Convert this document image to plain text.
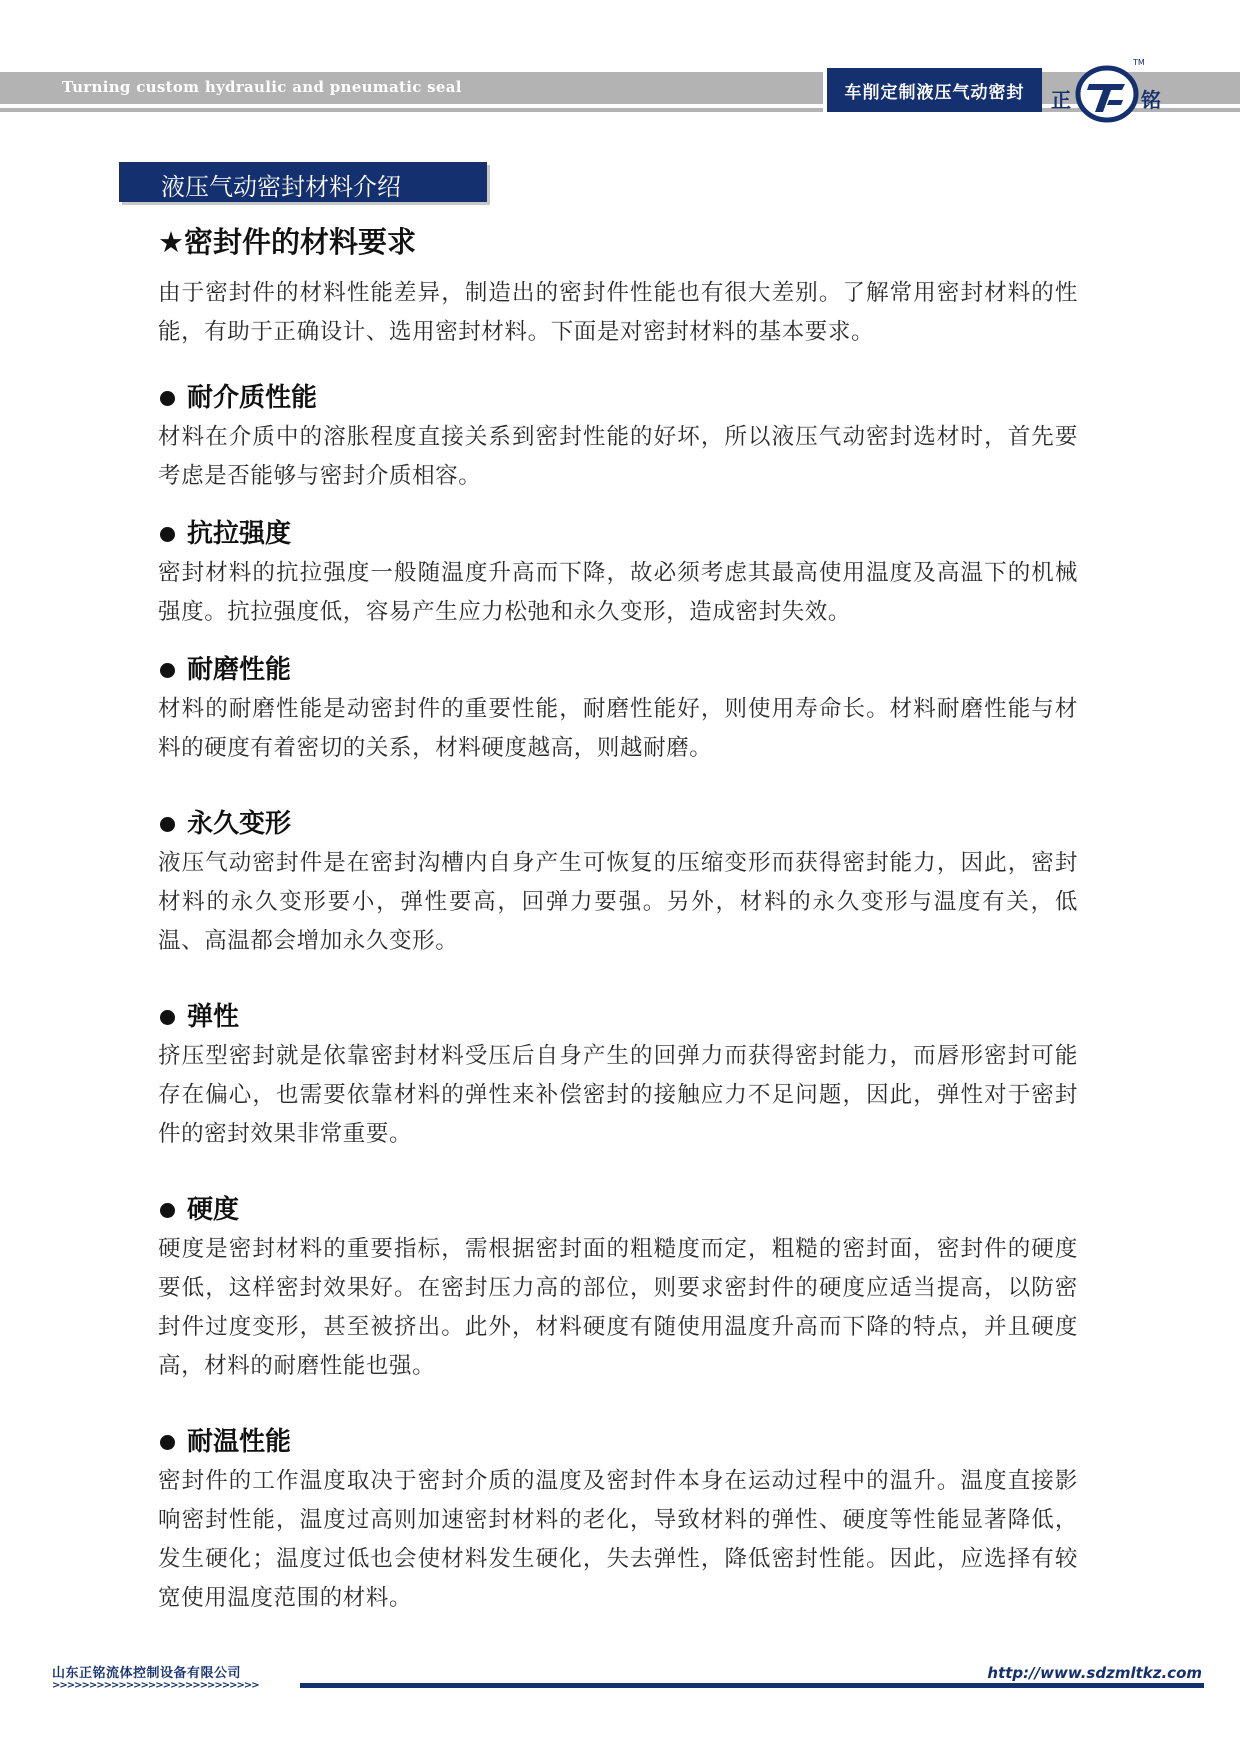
Turning custom hydraulic and pneumatic seal	车削定制液压气动密封	正
TM
铭
液压气动密封材料介绍
★密封件的材料要求

由于密封件的材料性能差异，制造出的密封件性能也有很大差别。了解常用密封材料的性能，有助于正确设计、选用密封材料。下面是对密封材料的基本要求。

耐介质性能

材料在介质中的溶胀程度直接关系到密封性能的好坏，所以液压气动密封选材时，首先要考虑是否能够与密封介质相容。

抗拉强度

密封材料的抗拉强度一般随温度升高而下降，故必须考虑其最高使用温度及高温下的机械强度。抗拉强度低，容易产生应力松弛和永久变形，造成密封失效。

耐磨性能

材料的耐磨性能是动密封件的重要性能，耐磨性能好，则使用寿命长。材料耐磨性能与材料的硬度有着密切的关系，材料硬度越高，则越耐磨。

永久变形

液压气动密封件是在密封沟槽内自身产生可恢复的压缩变形而获得密封能力，因此，密封材料的永久变形要小，弹性要高，回弹力要强。另外，材料的永久变形与温度有关，低温、高温都会增加永久变形。

弹性

挤压型密封就是依靠密封材料受压后自身产生的回弹力而获得密封能力，而唇形密封可能存在偏心，也需要依靠材料的弹性来补偿密封的接触应力不足问题，因此，弹性对于密封件的密封效果非常重要。

硬度

硬度是密封材料的重要指标，需根据密封面的粗糙度而定，粗糙的密封面，密封件的硬度要低，这样密封效果好。在密封压力高的部位，则要求密封件的硬度应适当提高，以防密封件过度变形，甚至被挤出。此外，材料硬度有随使用温度升高而下降的特点，并且硬度高，材料的耐磨性能也强。

耐温性能

密封件的工作温度取决于密封介质的温度及密封件本身在运动过程中的温升。温度直接影响密封性能，温度过高则加速密封材料的老化，导致材料的弹性、硬度等性能显著降低，发生硬化；温度过低也会使材料发生硬化，失去弹性，降低密封性能。因此，应选择有较宽使用温度范围的材料。

山东正铭流体控制设备有限公司
>>>>>>>>>>>>>>>>>>>>>>>>>>>>
http://www.sdzmltkz.com
